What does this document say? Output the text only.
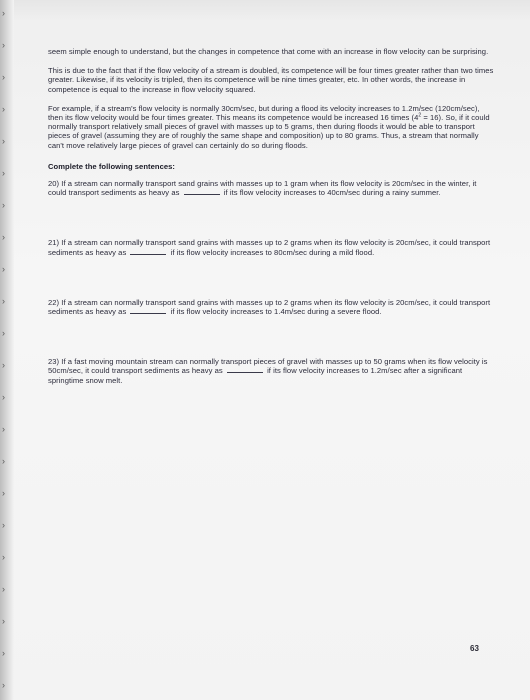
›
›
›
›
›
›
›
›
›
›
›
›
›
›
›
›
›
›
›
›
›
›

seem simple enough to understand, but the changes in competence that come with an increase in flow velocity can be surprising.

This is due to the fact that if the flow velocity of a stream is doubled, its competence will be four times greater rather than two times greater. Likewise, if its velocity is tripled, then its competence will be nine times greater, etc. In other words, the increase in competence is equal to the increase in flow velocity squared.

For example, if a stream's flow velocity is normally 30cm/sec, but during a flood its velocity increases to 1.2m/sec (120cm/sec), then its flow velocity would be four times greater. This means its competence would be increased 16 times $(4^2 = 16)$. So, if it could normally transport relatively small pieces of gravel with masses up to 5 grams, then during floods it would be able to transport pieces of gravel (assuming they are of roughly the same shape and composition) up to 80 grams. Thus, a stream that normally can't move relatively large pieces of gravel can certainly do so during floods.

Complete the following sentences:

20) If a stream can normally transport sand grains with masses up to 1 gram when its flow velocity is 20cm/sec in the winter, it could transport sediments as heavy as	if its flow velocity increases to 40cm/sec during a rainy summer.

21) If a stream can normally transport sand grains with masses up to 2 grams when its flow velocity is 20cm/sec, it could transport sediments as heavy as	if its flow velocity increases to 80cm/sec during a mild flood.

22) If a stream can normally transport sand grains with masses up to 2 grams when its flow velocity is 20cm/sec, it could transport sediments as heavy as	if its flow velocity increases to 1.4m/sec during a severe flood.

23) If a fast moving mountain stream can normally transport pieces of gravel with masses up to 50 grams when its flow velocity is 50cm/sec, it could transport sediments as heavy as	if its flow velocity increases to 1.2m/sec after a significant springtime snow melt.

63
